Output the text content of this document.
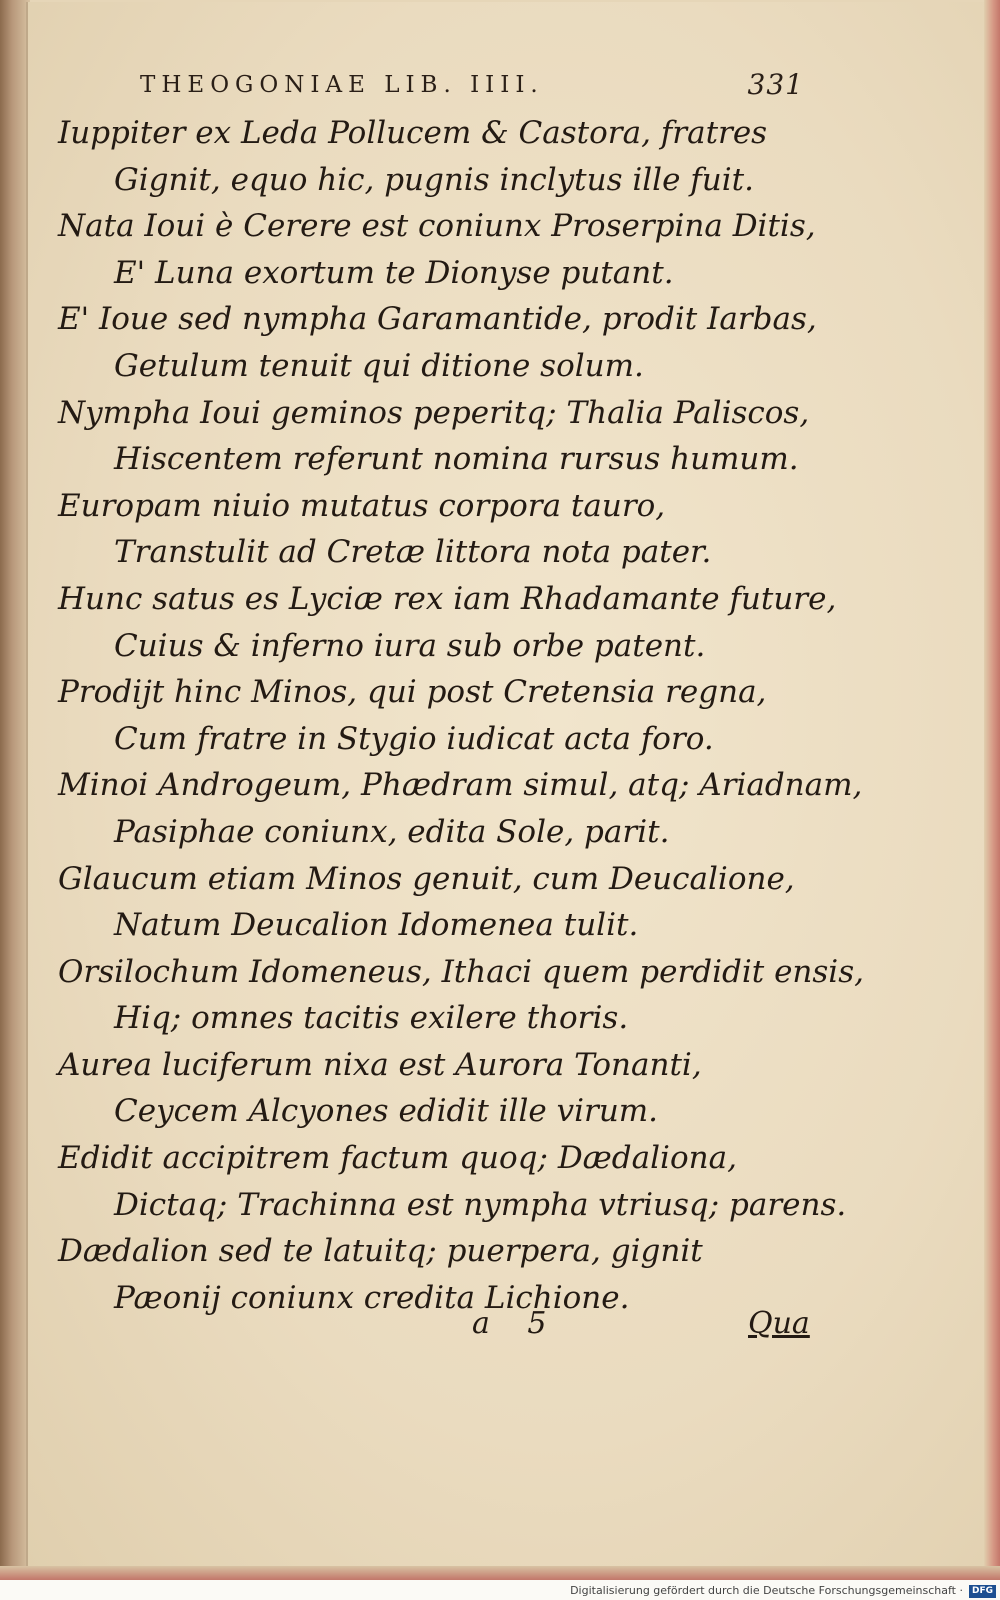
THEOGONIAE LIB. IIII.	331
Iuppiter ex Leda Pollucem & Castora, fratres
Gignit, equo hic, pugnis inclytus ille fuit.
Nata Ioui è Cerere est coniunx Proserpina Ditis,
E' Luna exortum te Dionyse putant.
E' Ioue sed nympha Garamantide, prodit Iarbas,
Getulum tenuit qui ditione solum.
Nympha Ioui geminos peperitq; Thalia Paliscos,
Hiscentem referunt nomina rursus humum.
Europam niuio mutatus corpora tauro,
Transtulit ad Cretæ littora nota pater.
Hunc satus es Lyciæ rex iam Rhadamante future,
Cuius & inferno iura sub orbe patent.
Prodijt hinc Minos, qui post Cretensia regna,
Cum fratre in Stygio iudicat acta foro.
Minoi Androgeum, Phædram simul, atq; Ariadnam,
Pasiphae coniunx, edita Sole, parit.
Glaucum etiam Minos genuit, cum Deucalione,
Natum Deucalion Idomenea tulit.
Orsilochum Idomeneus, Ithaci quem perdidit ensis,
Hiq; omnes tacitis exilere thoris.
Aurea luciferum nixa est Aurora Tonanti,
Ceycem Alcyones edidit ille virum.
Edidit accipitrem factum quoq; Dædaliona,
Dictaq; Trachinna est nympha vtriusq; parens.
Dædalion sed te latuitq; puerpera, gignit
Pæonij coniunx credita Lichione.
a 5	Qua
Digitalisierung gefördert durch die Deutsche Forschungsgemeinschaft · DFG
